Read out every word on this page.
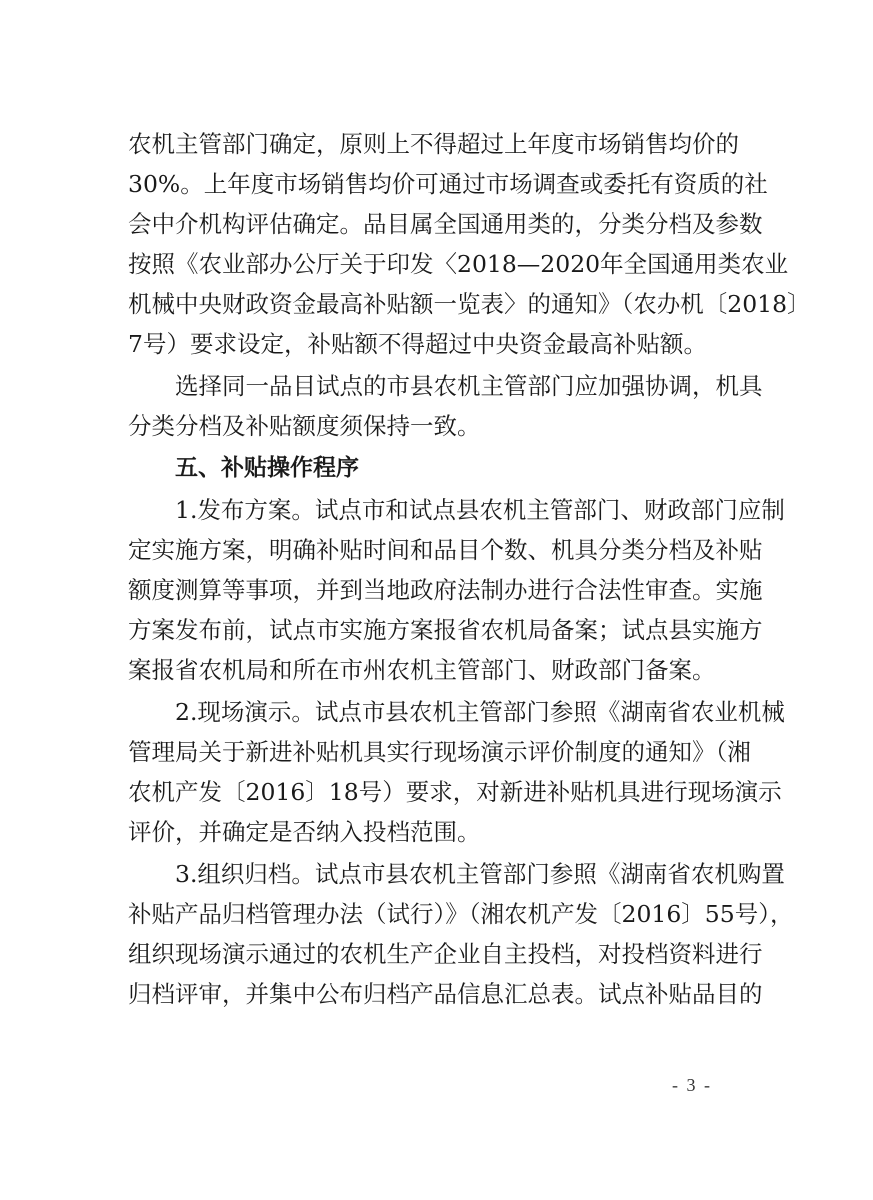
农机主管部门确定，原则上不得超过上年度市场销售均价的
30%。上年度市场销售均价可通过市场调查或委托有资质的社
会中介机构评估确定。品目属全国通用类的，分类分档及参数
按照《农业部办公厅关于印发〈2018—2020年全国通用类农业
机械中央财政资金最高补贴额一览表〉的通知》（农办机〔2018〕
7号）要求设定，补贴额不得超过中央资金最高补贴额。
选择同一品目试点的市县农机主管部门应加强协调，机具
分类分档及补贴额度须保持一致。
五、补贴操作程序
1.发布方案。试点市和试点县农机主管部门、财政部门应制
定实施方案，明确补贴时间和品目个数、机具分类分档及补贴
额度测算等事项，并到当地政府法制办进行合法性审查。实施
方案发布前，试点市实施方案报省农机局备案；试点县实施方
案报省农机局和所在市州农机主管部门、财政部门备案。
2.现场演示。试点市县农机主管部门参照《湖南省农业机械
管理局关于新进补贴机具实行现场演示评价制度的通知》（湘
农机产发〔2016〕18号）要求，对新进补贴机具进行现场演示
评价，并确定是否纳入投档范围。
3.组织归档。试点市县农机主管部门参照《湖南省农机购置
补贴产品归档管理办法（试行）》（湘农机产发〔2016〕55号），
组织现场演示通过的农机生产企业自主投档，对投档资料进行
归档评审，并集中公布归档产品信息汇总表。试点补贴品目的
- 3 -
